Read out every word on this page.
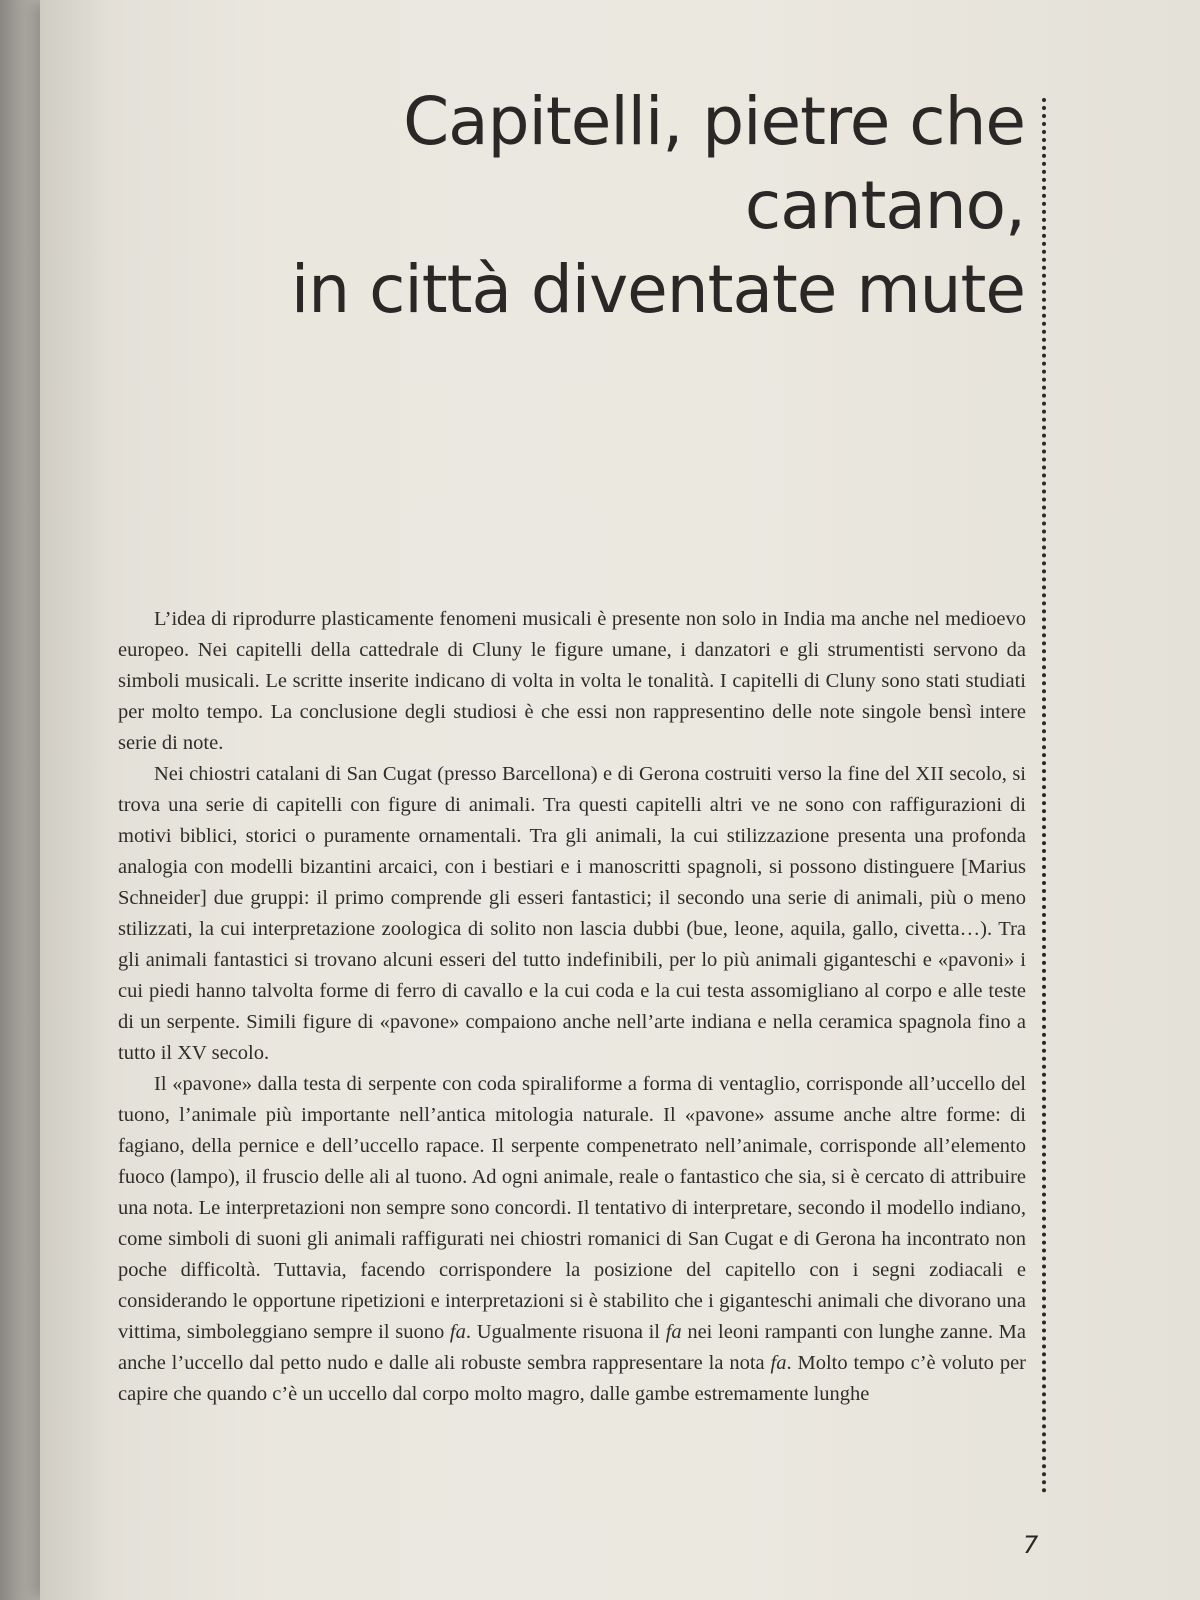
Capitelli, pietre che cantano,
in città diventate mute

L’idea di riprodurre plasticamente fenomeni musicali è presente non solo in India ma anche nel medioevo europeo. Nei capitelli della cattedrale di Cluny le figure umane, i danzatori e gli strumentisti servono da simboli musicali. Le scritte inserite indicano di volta in volta le tonalità. I capitelli di Cluny sono stati studiati per molto tempo. La conclusione degli studiosi è che essi non rappresentino delle note singole bensì intere serie di note.

Nei chiostri catalani di San Cugat (presso Barcellona) e di Gerona costruiti verso la fine del XII secolo, si trova una serie di capitelli con figure di animali. Tra questi capitelli altri ve ne sono con raffigurazioni di motivi biblici, storici o puramente ornamentali. Tra gli animali, la cui stilizzazione presenta una profonda analogia con modelli bizantini arcaici, con i bestiari e i manoscritti spagnoli, si possono distinguere [Marius Schneider] due gruppi: il primo comprende gli esseri fantastici; il secondo una serie di animali, più o meno stilizzati, la cui interpretazione zoologica di solito non lascia dubbi (bue, leone, aquila, gallo, civetta…). Tra gli animali fantastici si trovano alcuni esseri del tutto indefinibili, per lo più animali giganteschi e «pavoni» i cui piedi hanno talvolta forme di ferro di cavallo e la cui coda e la cui testa assomigliano al corpo e alle teste di un serpente. Simili figure di «pavone» compaiono anche nell’arte indiana e nella ceramica spagnola fino a tutto il XV secolo.

Il «pavone» dalla testa di serpente con coda spiraliforme a forma di ventaglio, corrisponde all’uccello del tuono, l’animale più importante nell’antica mitologia naturale. Il «pavone» assume anche altre forme: di fagiano, della pernice e dell’uccello rapace. Il serpente compenetrato nell’animale, corrisponde all’elemento fuoco (lampo), il fruscio delle ali al tuono. Ad ogni animale, reale o fantastico che sia, si è cercato di attribuire una nota. Le interpretazioni non sempre sono concordi. Il tentativo di interpretare, secondo il modello indiano, come simboli di suoni gli animali raffigurati nei chiostri romanici di San Cugat e di Gerona ha incontrato non poche difficoltà. Tuttavia, facendo corrispondere la posizione del capitello con i segni zodiacali e considerando le opportune ripetizioni e interpretazioni si è stabilito che i giganteschi animali che divorano una vittima, simboleggiano sempre il suono fa. Ugualmente risuona il fa nei leoni rampanti con lunghe zanne. Ma anche l’uccello dal petto nudo e dalle ali robuste sembra rappresentare la nota fa. Molto tempo c’è voluto per capire che quando c’è un uccello dal corpo molto magro, dalle gambe estremamente lunghe

7
